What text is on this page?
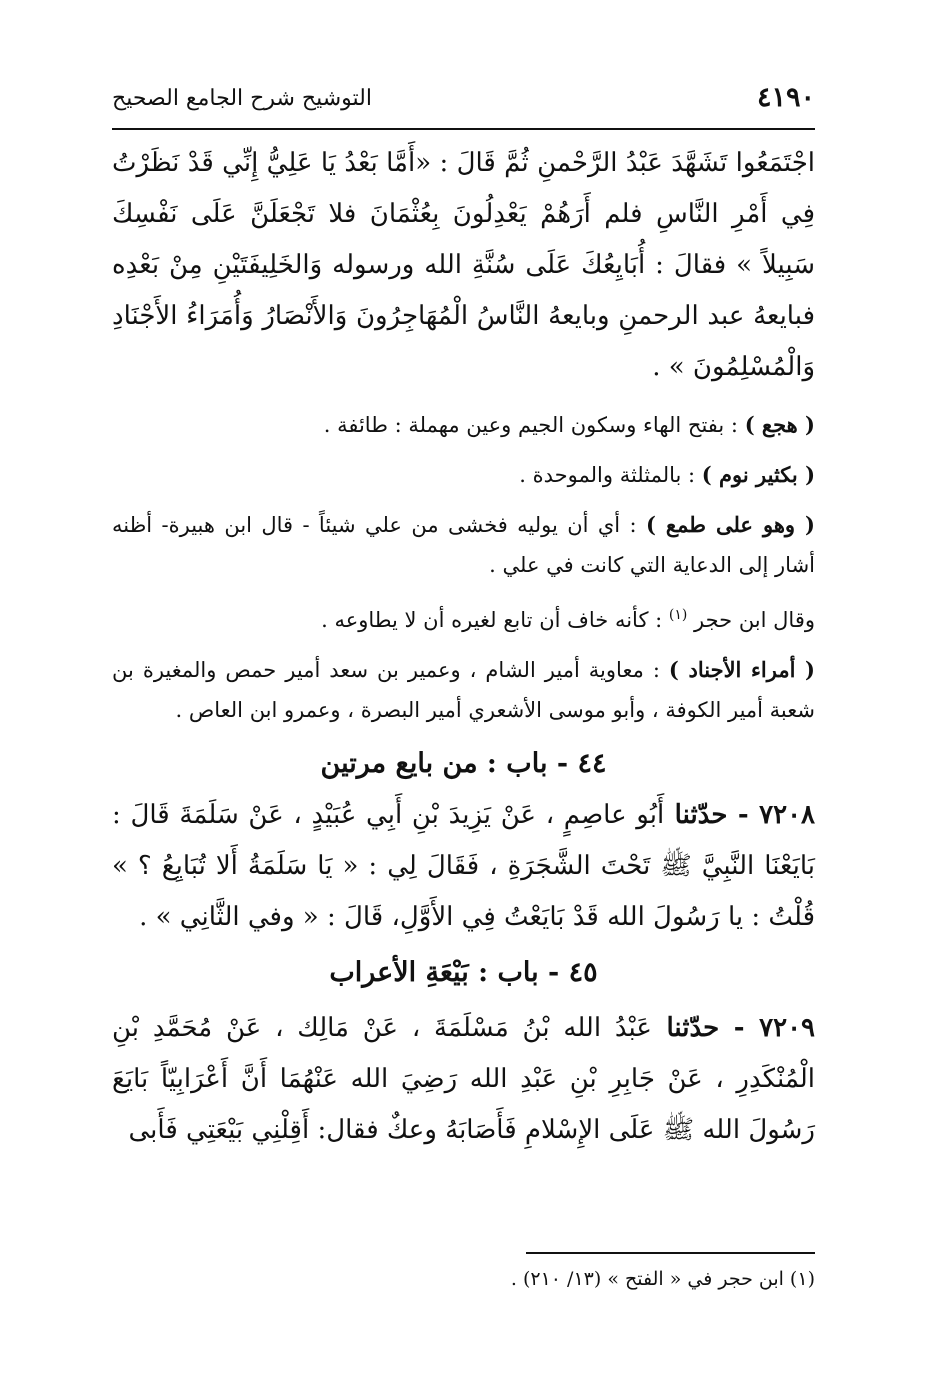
٤١٩٠
التوشيح شرح الجامع الصحيح

اجْتَمَعُوا تَشَهَّدَ عَبْدُ الرَّحْمنِ ثُمَّ قَالَ : «أَمَّا بَعْدُ يَا عَلِيُّ إِنِّي قَدْ نَظَرْتُ فِي أَمْرِ النَّاسِ فلم أَرَهُمْ يَعْدِلُونَ بِعُثْمَانَ فلا تَجْعَلَنَّ عَلَى نَفْسِكَ سَبِيلاً » فقالَ : أُبَايِعُكَ عَلَى سُنَّةِ الله ورسوله وَالخَلِيفَتَيْنِ مِنْ بَعْدِه فبايعهُ عبد الرحمنِ وبايعهُ النَّاسُ الْمُهَاجِرُونَ وَالأَنْصَارُ وَأُمَرَاءُ الأَجْنَادِ وَالْمُسْلِمُونَ » .

( هجع ) : بفتح الهاء وسكون الجيم وعين مهملة : طائفة .

( بكثير نوم ) : بالمثلثة والموحدة .

( وهو على طمع ) : أي أن يوليه فخشى من علي شيئاً - قال ابن هبيرة- أظنه أشار إلى الدعاية التي كانت في علي .

وقال ابن حجر $^{(١)}$ : كأنه خاف أن تابع لغيره أن لا يطاوعه .

( أمراء الأجناد ) : معاوية أمير الشام ، وعمير بن سعد أمير حمص والمغيرة بن شعبة أمير الكوفة ، وأبو موسى الأشعري أمير البصرة ، وعمرو ابن العاص .

٤٤ - باب : من بايع مرتين

٧٢٠٨ - حدّثنا أَبُو عاصِمٍ ، عَنْ يَزِيدَ بْنِ أَبِي عُبَيْدٍ ، عَنْ سَلَمَةَ قَالَ : بَايَعْنَا النَّبِيَّ ﷺ تَحْتَ الشَّجَرَةِ ، فَقَالَ لِي : « يَا سَلَمَةُ أَلا تُبَايِعُ ؟ » قُلْتُ : يا رَسُولَ الله قَدْ بَايَعْتُ فِي الأَوَّلِ، قَالَ : « وفي الثَّانِي » .

٤٥ - باب : بَيْعَةِ الأعراب

٧٢٠٩ - حدّثنا عَبْدُ الله بْنُ مَسْلَمَةَ ، عَنْ مَالِك ، عَنْ مُحَمَّدِ بْنِ الْمُنْكَدِرِ ، عَنْ جَابِرِ بْنِ عَبْدِ الله رَضِيَ الله عَنْهُمَا أَنَّ أَعْرَابِيّاً بَايَعَ رَسُولَ الله ﷺ عَلَى الإِسْلامِ فَأَصَابَهُ وعكٌ فقال: أَقِلْنِي بَيْعَتِي فَأَبى

(١) ابن حجر في « الفتح » (١٣/ ٢١٠) .
